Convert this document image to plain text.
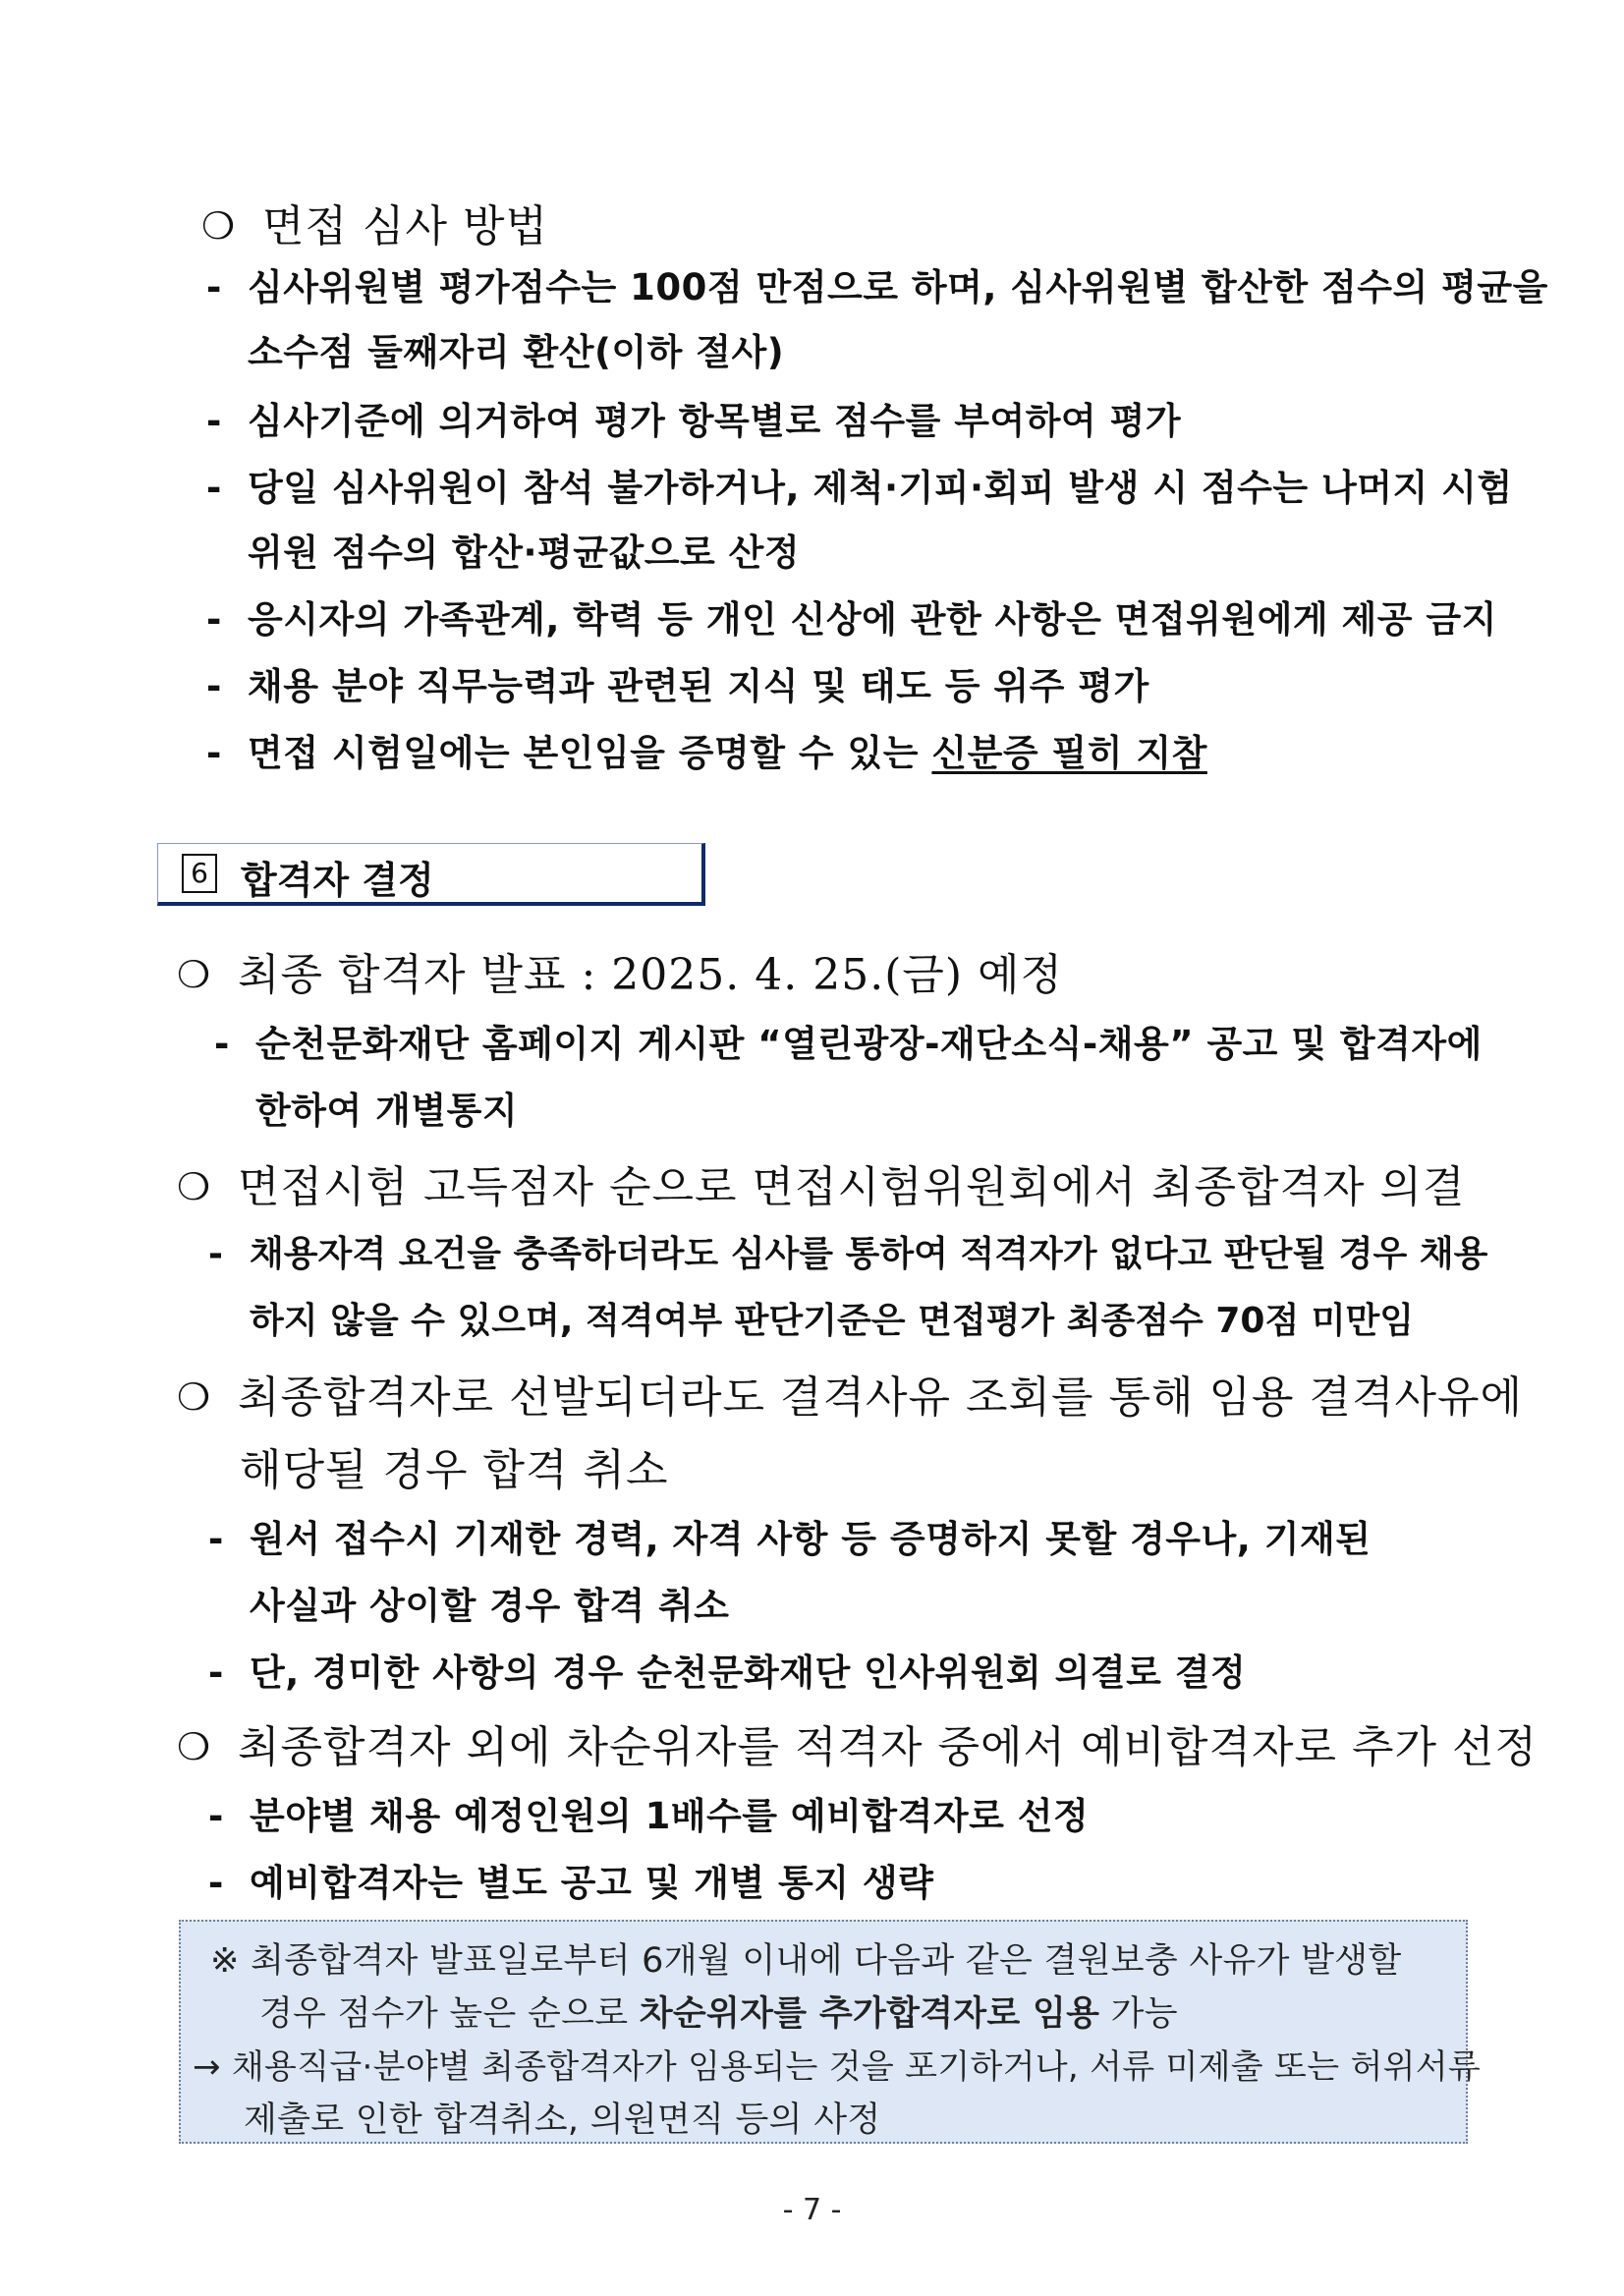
❍ 면접 심사 방법
- 심사위원별 평가점수는 100점 만점으로 하며, 심사위원별 합산한 점수의 평균을
소수점 둘째자리 환산(이하 절사)
- 심사기준에 의거하여 평가 항목별로 점수를 부여하여 평가
- 당일 심사위원이 참석 불가하거나, 제척·기피·회피 발생 시 점수는 나머지 시험
위원 점수의 합산·평균값으로 산정
- 응시자의 가족관계, 학력 등 개인 신상에 관한 사항은 면접위원에게 제공 금지
- 채용 분야 직무능력과 관련된 지식 및 태도 등 위주 평가
- 면접 시험일에는 본인임을 증명할 수 있는 신분증 필히 지참
6 합격자 결정
❍ 최종 합격자 발표 : 2025. 4. 25.(금) 예정
- 순천문화재단 홈페이지 게시판 “열린광장-재단소식-채용” 공고 및 합격자에
한하여 개별통지
❍ 면접시험 고득점자 순으로 면접시험위원회에서 최종합격자 의결
- 채용자격 요건을 충족하더라도 심사를 통하여 적격자가 없다고 판단될 경우 채용
하지 않을 수 있으며, 적격여부 판단기준은 면접평가 최종점수 70점 미만임
❍ 최종합격자로 선발되더라도 결격사유 조회를 통해 임용 결격사유에
해당될 경우 합격 취소
- 원서 접수시 기재한 경력, 자격 사항 등 증명하지 못할 경우나, 기재된
사실과 상이할 경우 합격 취소
- 단, 경미한 사항의 경우 순천문화재단 인사위원회 의결로 결정
❍ 최종합격자 외에 차순위자를 적격자 중에서 예비합격자로 추가 선정
- 분야별 채용 예정인원의 1배수를 예비합격자로 선정
- 예비합격자는 별도 공고 및 개별 통지 생략
※ 최종합격자 발표일로부터 6개월 이내에 다음과 같은 결원보충 사유가 발생할
경우 점수가 높은 순으로 차순위자를 추가합격자로 임용 가능
→ 채용직급·분야별 최종합격자가 임용되는 것을 포기하거나, 서류 미제출 또는 허위서류
제출로 인한 합격취소, 의원면직 등의 사정
- 7 -
